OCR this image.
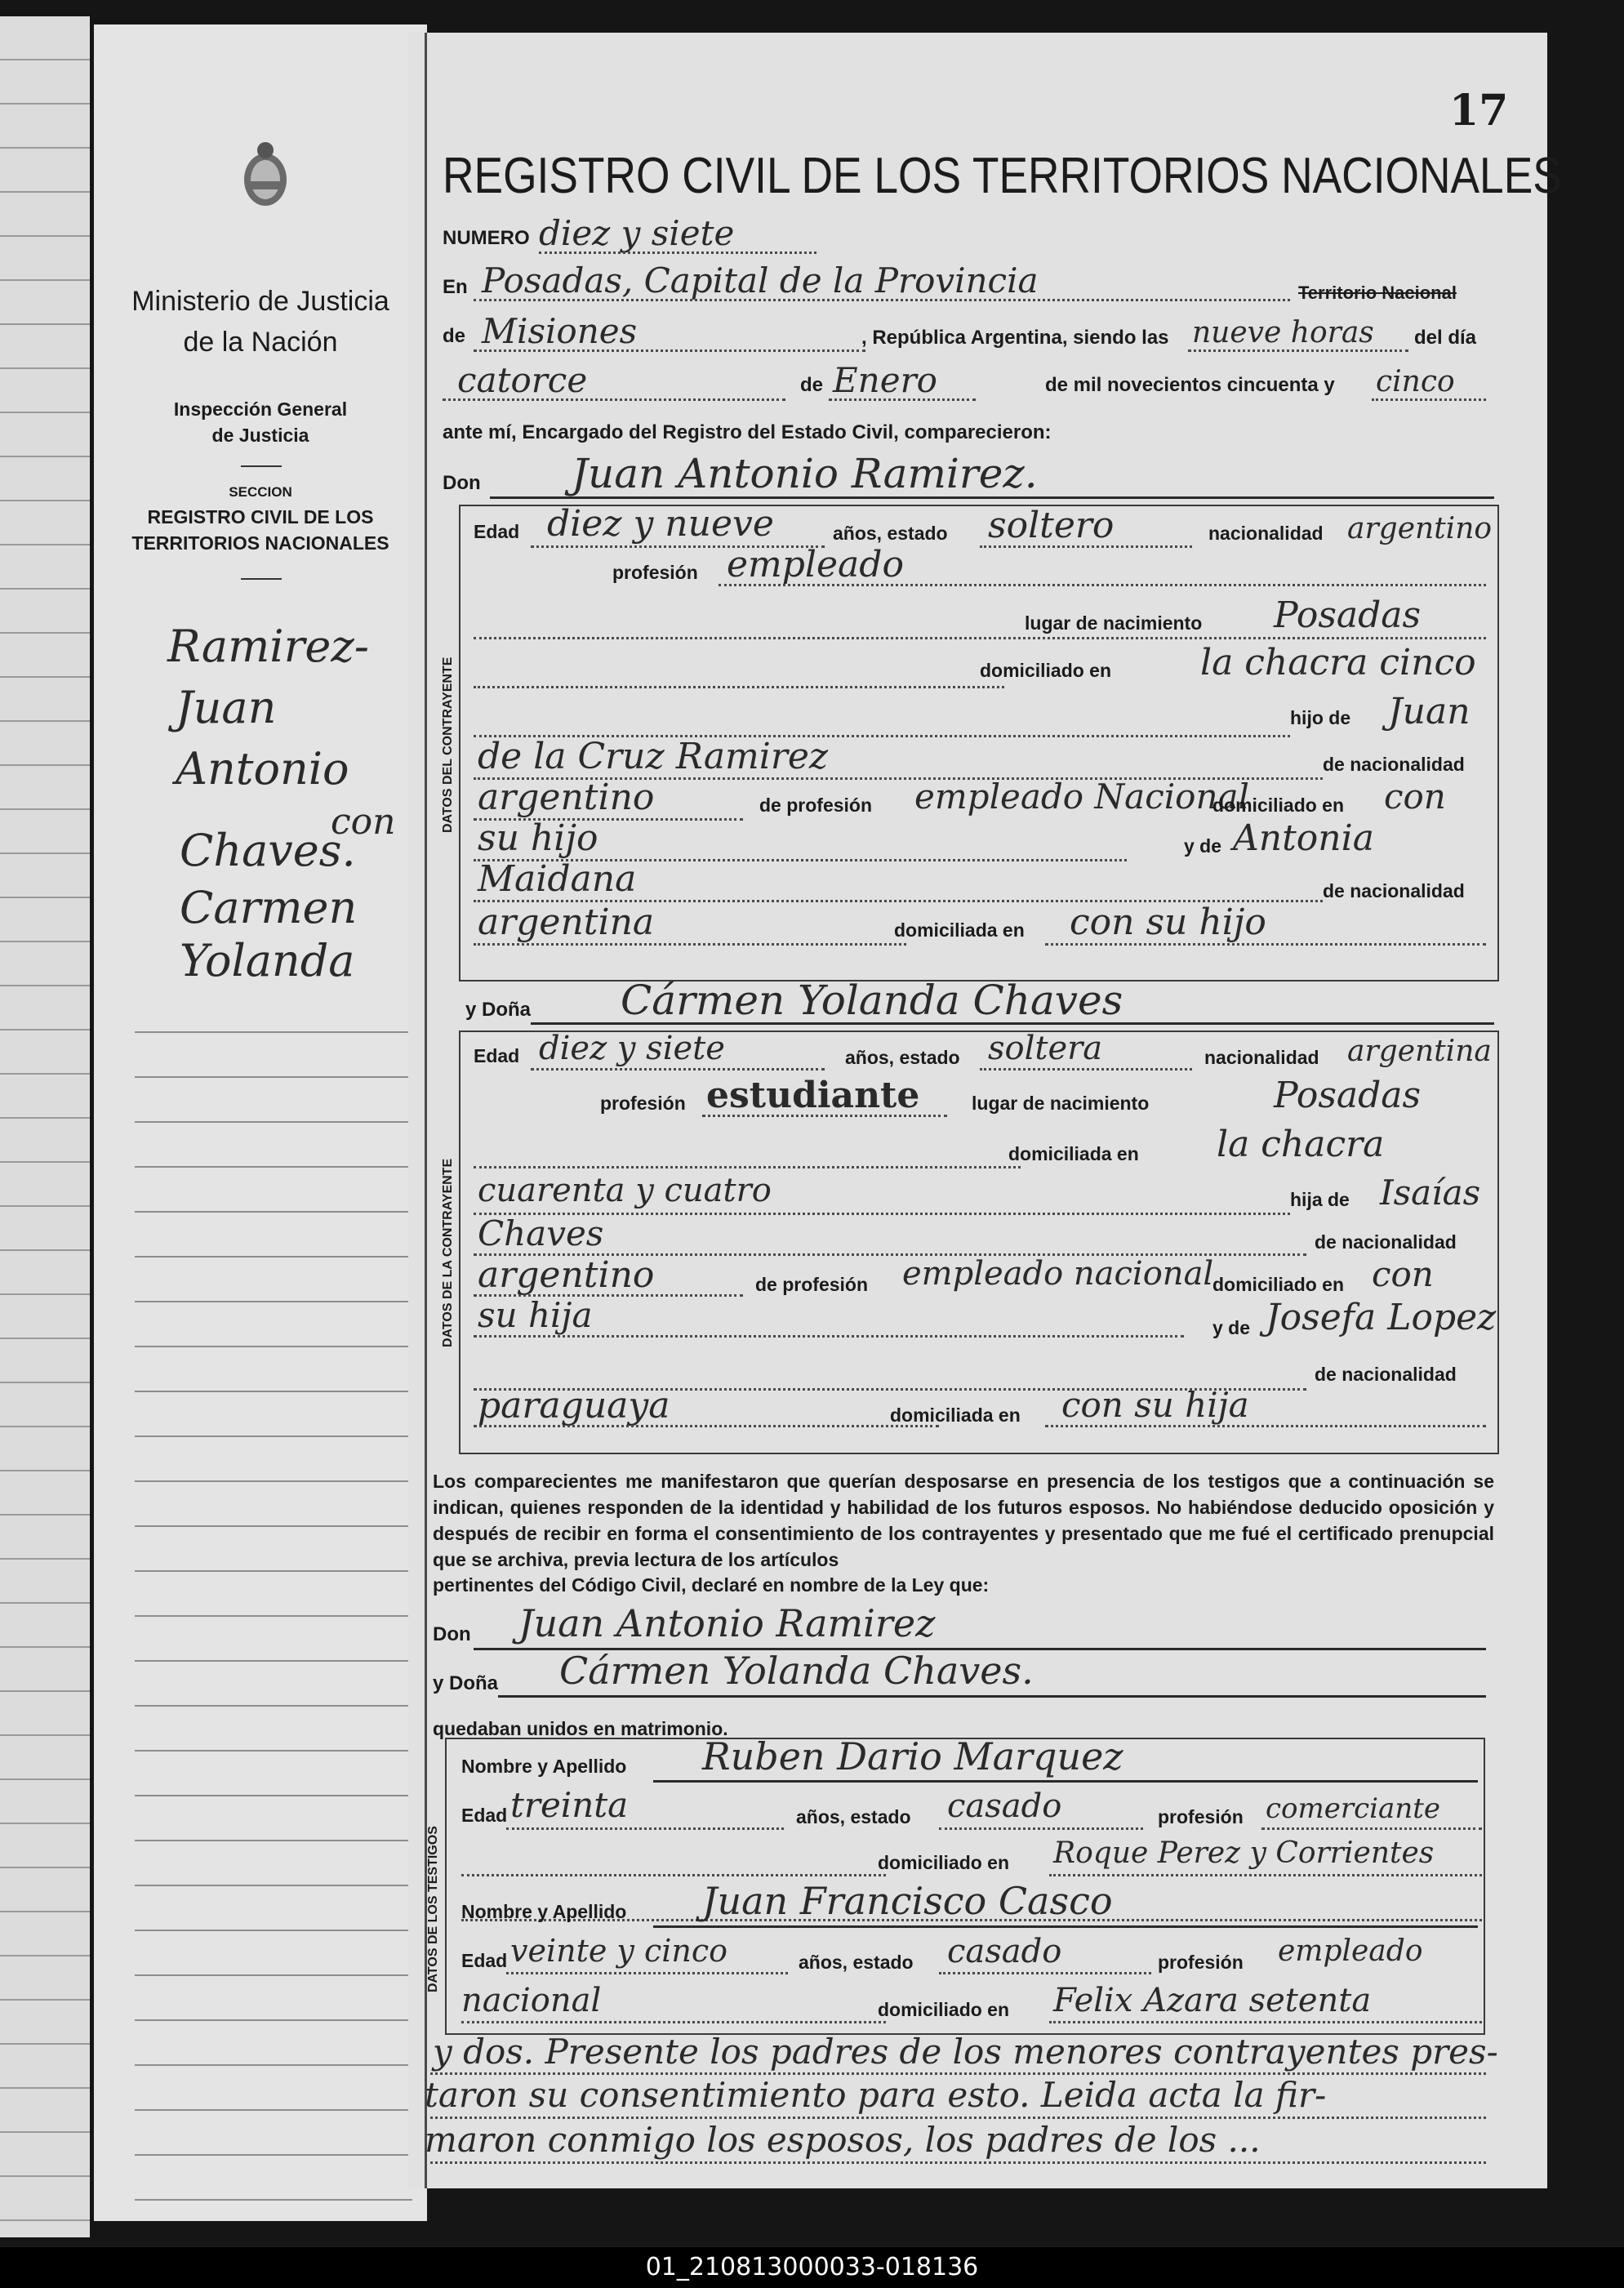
Ministerio de Justicia
de la Nación
Inspección General
de Justicia
SECCION
REGISTRO CIVIL DE LOS
TERRITORIOS NACIONALES
Ramirez-
Juan
Antonio
con
Chaves.
Carmen
Yolanda
17
REGISTRO CIVIL DE LOS TERRITORIOS NACIONALES
NUMERO diez y siete
En Posadas, Capital de la Provincia	Territorio Nacional
de Misiones	, República Argentina, siendo las nueve horas del día
catorce	de Enero	de mil novecientos cincuenta y cinco
ante mí, Encargado del Registro del Estado Civil, comparecieron:
Don Juan Antonio Ramirez.
DATOS DEL CONTRAYENTE
Edad diez y nueve	años, estado soltero	nacionalidad argentino
profesión empleado
lugar de nacimiento Posadas
domiciliado en la chacra cinco
hijo de Juan
de la Cruz Ramirez	de nacionalidad
argentino	de profesión empleado Nacional
domiciliado en con
su hijo	y de Antonia
Maidana	de nacionalidad
argentina	domiciliada en con su hijo
y Doña Cármen Yolanda Chaves
DATOS DE LA CONTRAYENTE
Edad diez y siete	años, estado soltera	nacionalidad argentina
profesión estudiante	lugar de nacimiento	Posadas
domiciliada en la chacra
cuarenta y cuatro	hija de Isaías
Chaves	de nacionalidad
argentino	de profesión empleado nacional
domiciliado en con
su hija	y de Josefa Lopez
de nacionalidad
paraguaya	domiciliada en con su hija
Los comparecientes me manifestaron que querían desposarse en presencia de los testigos que a continuación se indican, quienes responden de la identidad y habilidad de los futuros esposos. No habiéndose deducido oposición y después de recibir en forma el consentimiento de los contrayentes y presentado que me fué el certificado prenupcial que se archiva, previa lectura de los artículos
pertinentes del Código Civil, declaré en nombre de la Ley que:
Don Juan Antonio Ramirez
y Doña Cármen Yolanda Chaves.
quedaban unidos en matrimonio.
DATOS DE LOS TESTIGOS
Nombre y Apellido Ruben Dario Marquez
Edad treinta	años, estado casado	profesión comerciante
domiciliado en Roque Perez y Corrientes
Nombre y Apellido Juan Francisco Casco
Edad veinte y cinco	años, estado casado	profesión empleado
nacional	domiciliado en Felix Azara setenta
y dos. Presente los padres de los menores contrayentes pres-
taron su consentimiento para esto. Leida acta la fir-
maron conmigo los esposos, los padres de los ...
01_210813000033-018136
